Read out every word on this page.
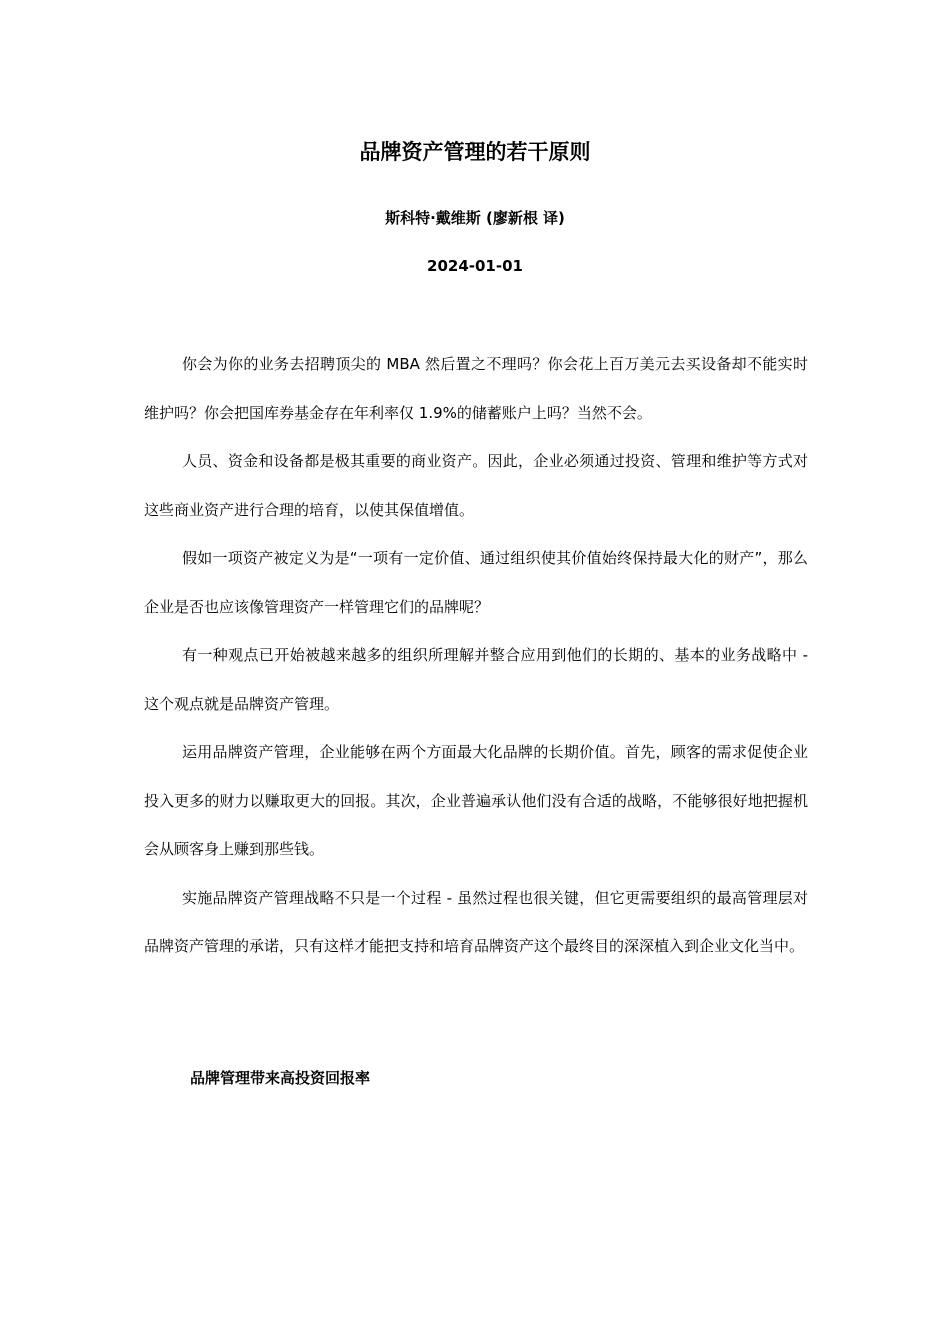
品牌资产管理的若干原则
斯科特·戴维斯 (廖新根 译)
2024-01-01

你会为你的业务去招聘顶尖的 MBA 然后置之不理吗？你会花上百万美元去买设备却不能实时维护吗？你会把国库券基金存在年利率仅 1.9%的储蓄账户上吗？当然不会。

人员、资金和设备都是极其重要的商业资产。因此，企业必须通过投资、管理和维护等方式对这些商业资产进行合理的培育，以使其保值增值。

假如一项资产被定义为是“一项有一定价值、通过组织使其价值始终保持最大化的财产”，那么企业是否也应该像管理资产一样管理它们的品牌呢？

有一种观点已开始被越来越多的组织所理解并整合应用到他们的长期的、基本的业务战略中 - 这个观点就是品牌资产管理。

运用品牌资产管理，企业能够在两个方面最大化品牌的长期价值。首先，顾客的需求促使企业投入更多的财力以赚取更大的回报。其次，企业普遍承认他们没有合适的战略，不能够很好地把握机会从顾客身上赚到那些钱。

实施品牌资产管理战略不只是一个过程 - 虽然过程也很关键，但它更需要组织的最高管理层对品牌资产管理的承诺，只有这样才能把支持和培育品牌资产这个最终目的深深植入到企业文化当中。

品牌管理带来高投资回报率
